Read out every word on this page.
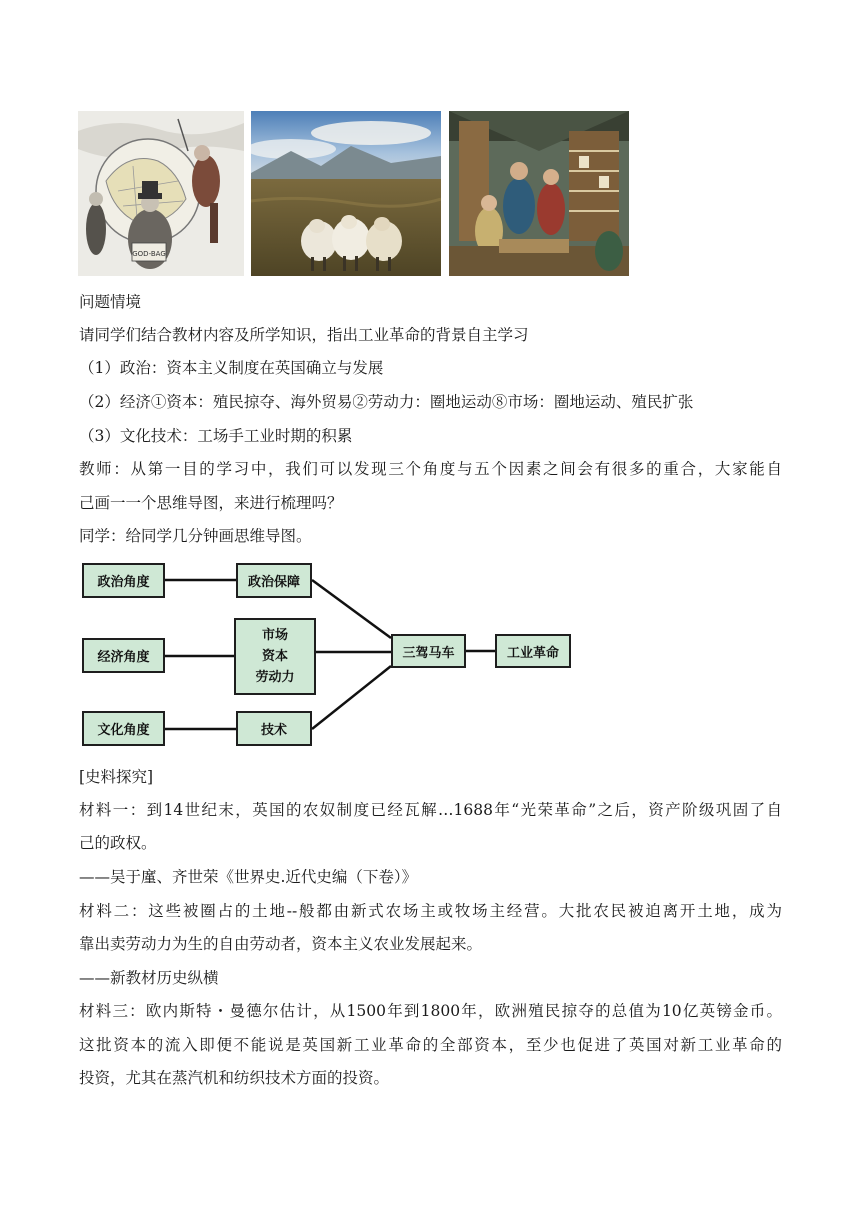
GOD-BAG
问题情境
请同学们结合教材内容及所学知识，指出工业革命的背景自主学习
（1）政治：资本主义制度在英国确立与发展
（2）经济①资本：殖民掠夺、海外贸易②劳动力：圈地运动⑧市场：圈地运动、殖民扩张
（3）文化技术：工场手工业时期的积累
教师：从第一目的学习中，我们可以发现三个角度与五个因素之间会有很多的重合，大家能自
己画一一个思维导图，来进行梳理吗？
同学：给同学几分钟画思维导图。
政治角度
经济角度
文化角度
政治保障
市场
资本
劳动力
技术
三驾马车	工业革命
[史料探究]
材料一：到14世纪末，英国的农奴制度已经瓦解…1688年“光荣革命”之后，资产阶级巩固了自
己的政权。
——吴于廑、齐世荣《世界史.近代史编（下卷）》
材料二：这些被圈占的土地--般都由新式农场主或牧场主经营。大批农民被迫离开土地，成为
靠出卖劳动力为生的自由劳动者，资本主义农业发展起来。
——新教材历史纵横
材料三：欧内斯特・曼德尔估计，从1500年到1800年，欧洲殖民掠夺的总值为10亿英镑金币。
这批资本的流入即便不能说是英国新工业革命的全部资本，至少也促进了英国对新工业革命的
投资，尤其在蒸汽机和纺织技术方面的投资。
